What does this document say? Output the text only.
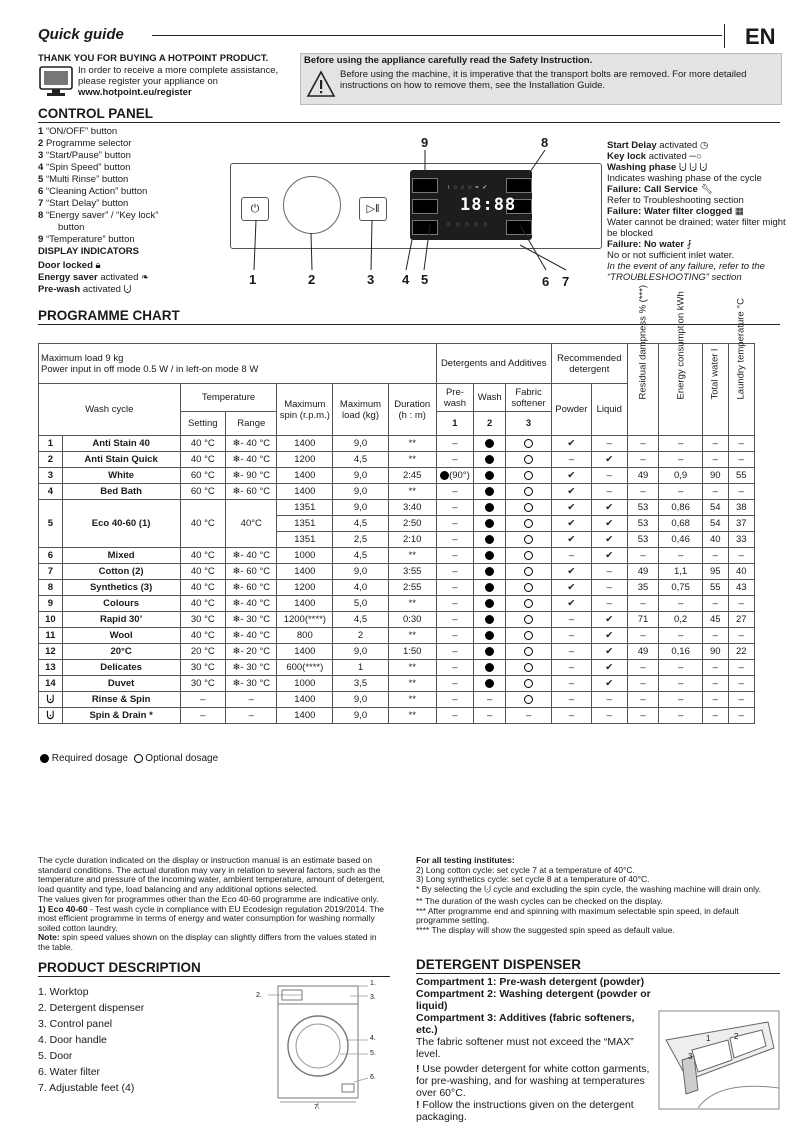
Quick guide	EN
THANK YOU FOR BUYING A HOTPOINT PRODUCT.
In order to receive a more complete assistance,
please register your appliance on
www.hotpoint.eu/register
Before using the appliance carefully read the Safety Instruction.
Before using the machine, it is imperative that the transport bolts are removed. For more detailed instructions on how to remove them, see the Installation Guide.
CONTROL PANEL
1 “ON/OFF” button
2 Programme selector
3 “Start/Pause” button
4 “Spin Speed” button
5 “Multi Rinse” button
6 “Cleaning Action” button
7 “Start Delay” button
8 “Energy saver” / “Key lock”
button
9 “Temperature” button
DISPLAY INDICATORS
Door locked 🔒︎
Energy saver activated ❧
Pre-wash activated ⨃
⏻	▷‖
↑ ◌ ◌ ◌ ≈ ✓
18:88
◌ ◌ ◌ ◌ ◌
1	2	3 4 5	6 7
8
9	Start Delay activated ◷
Key lock activated ─○
Washing phase ⨃ ⨃ ⨃
Indicates washing phase of the cycle
Failure: Call Service 🔧︎
Refer to Troubleshooting section
Failure: Water filter clogged ▦
Water cannot be drained; water filter might be blocked
Failure: No water ⨏
No or not sufficient inlet water.
In the event of any failure, refer to the “TROUBLESHOOTING” section
PROGRAMME CHART
Maximum load 9 kg
Power input in off mode 0.5 W / in left-on mode 8 W							Detergents and Additives			Recommended detergent		Residual dampness % (***)	Energy consumption kWh	Total water l	Laundry temperature °C
Wash cycle		Temperature		Maximum spin (r.p.m.)	Maximum load (kg)	Duration (h : m)	Pre-wash	Wash	Fabric softener	Powder	Liquid				
		Setting	Range				1	2	3						
1	Anti Stain 40	40 °C	❄- 40 °C	1400	9,0	**	–			✔	–	–	–	–	–
2	Anti Stain Quick	40 °C	❄- 40 °C	1200	4,5	**	–			–	✔	–	–	–	–
3	White	60 °C	❄- 90 °C	1400	9,0	2:45	(90°)			✔	–	49	0,9	90	55
4	Bed Bath	60 °C	❄- 60 °C	1400	9,0	**	–			✔	–	–	–	–	–
5	Eco 40-60 (1)	40 °C	40°C	1351	9,0	3:40	–			✔	✔	53	0,86	54	38
				1351	4,5	2:50	–			✔	✔	53	0,68	54	37
				1351	2,5	2:10	–			✔	✔	53	0,46	40	33
6	Mixed	40 °C	❄- 40 °C	1000	4,5	**	–			–	✔	–	–	–	–
7	Cotton (2)	40 °C	❄- 60 °C	1400	9,0	3:55	–			✔	–	49	1,1	95	40
8	Synthetics (3)	40 °C	❄- 60 °C	1200	4,0	2:55	–			✔	–	35	0,75	55	43
9	Colours	40 °C	❄- 40 °C	1400	5,0	**	–			✔	–	–	–	–	–
10	Rapid 30’	30 °C	❄- 30 °C	1200(****)	4,5	0:30	–			–	✔	71	0,2	45	27
11	Wool	40 °C	❄- 40 °C	800	2	**	–			–	✔	–	–	–	–
12	20°C	20 °C	❄- 20 °C	1400	9,0	1:50	–			–	✔	49	0,16	90	22
13	Delicates	30 °C	❄- 30 °C	600(****)	1	**	–			–	✔	–	–	–	–
14	Duvet	30 °C	❄- 30 °C	1000	3,5	**	–			–	✔	–	–	–	–
⨃	Rinse & Spin	–	–	1400	9,0	**	–	–		–	–	–	–	–	–
⨃	Spin & Drain *	–	–	1400	9,0	**	–	–	–	–	–	–	–	–	–
Required dosage Optional dosage
The cycle duration indicated on the display or instruction manual is an estimate based on standard conditions. The actual duration may vary in relation to several factors, such as the temperature and pressure of the incoming water, ambient temperature, amount of detergent, load quantity and type, load balancing and any additional options selected.
The values given for programmes other than the Eco 40-60 programme are indicative only.
1) Eco 40-60 - Test wash cycle in compliance with EU Ecodesign regulation 2019/2014. The most efficient programme in terms of energy and water consumption for washing normally soiled cotton laundry.
Note: spin speed values shown on the display can slightly differs from the values stated in the table.
For all testing institutes:
2) Long cotton cycle: set cycle 7 at a temperature of 40°C.
3) Long synthetics cycle: set cycle 8 at a temperature of 40°C.
* By selecting the ⨃ cycle and excluding the spin cycle, the washing machine will drain only.
** The duration of the wash cycles can be checked on the display.
*** After programme end and spinning with maximum selectable spin speed, in default programme setting.
**** The display will show the suggested spin speed as default value.
PRODUCT DESCRIPTION
1. Worktop
2. Detergent dispenser
3. Control panel
4. Door handle
5. Door
6. Water filter
7. Adjustable feet (4)
1.
2.	3.
4.
5.
6.
7.
DETERGENT DISPENSER
Compartment 1: Pre-wash detergent (powder)
Compartment 2: Washing detergent (powder or liquid)
Compartment 3: Additives (fabric softeners, etc.)
The fabric softener must not exceed the “MAX” level.
! Use powder detergent for white cotton garments, for pre-washing, and for washing at temperatures over 60°C.
! Follow the instructions given on the detergent packaging.
1	2
3
